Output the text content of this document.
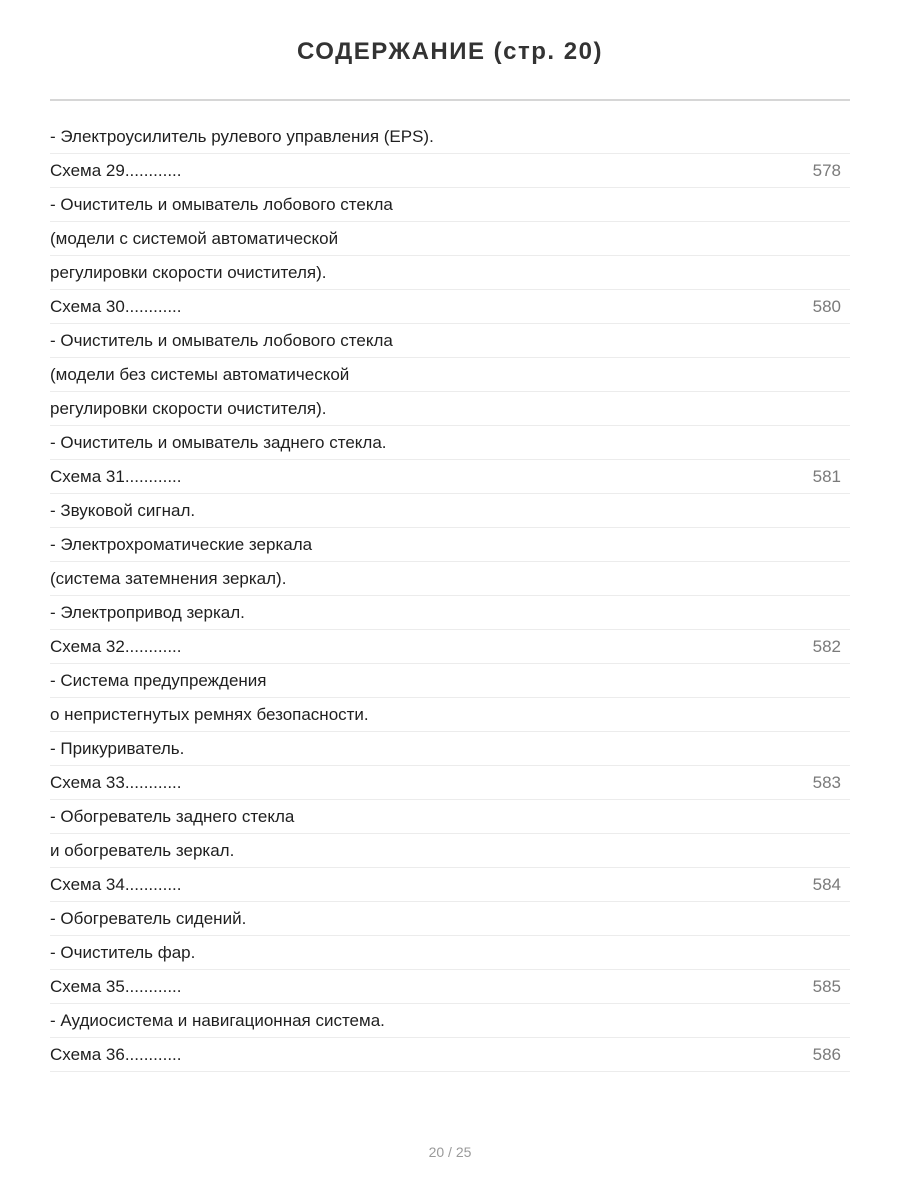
СОДЕРЖАНИЕ (стр. 20)
- Электроусилитель рулевого управления (EPS).
Схема 29............	578
- Очиститель и омыватель лобового стекла
(модели с системой автоматической
регулировки скорости очистителя).
Схема 30............	580
- Очиститель и омыватель лобового стекла
(модели без системы автоматической
регулировки скорости очистителя).
- Очиститель и омыватель заднего стекла.
Схема 31............	581
- Звуковой сигнал.
- Электрохроматические зеркала
(система затемнения зеркал).
- Электропривод зеркал.
Схема 32............	582
- Система предупреждения
о непристегнутых ремнях безопасности.
- Прикуриватель.
Схема 33............	583
- Обогреватель заднего стекла
и обогреватель зеркал.
Схема 34............	584
- Обогреватель сидений.
- Очиститель фар.
Схема 35............	585
- Аудиосистема и навигационная система.
Схема 36............	586
20 / 25
